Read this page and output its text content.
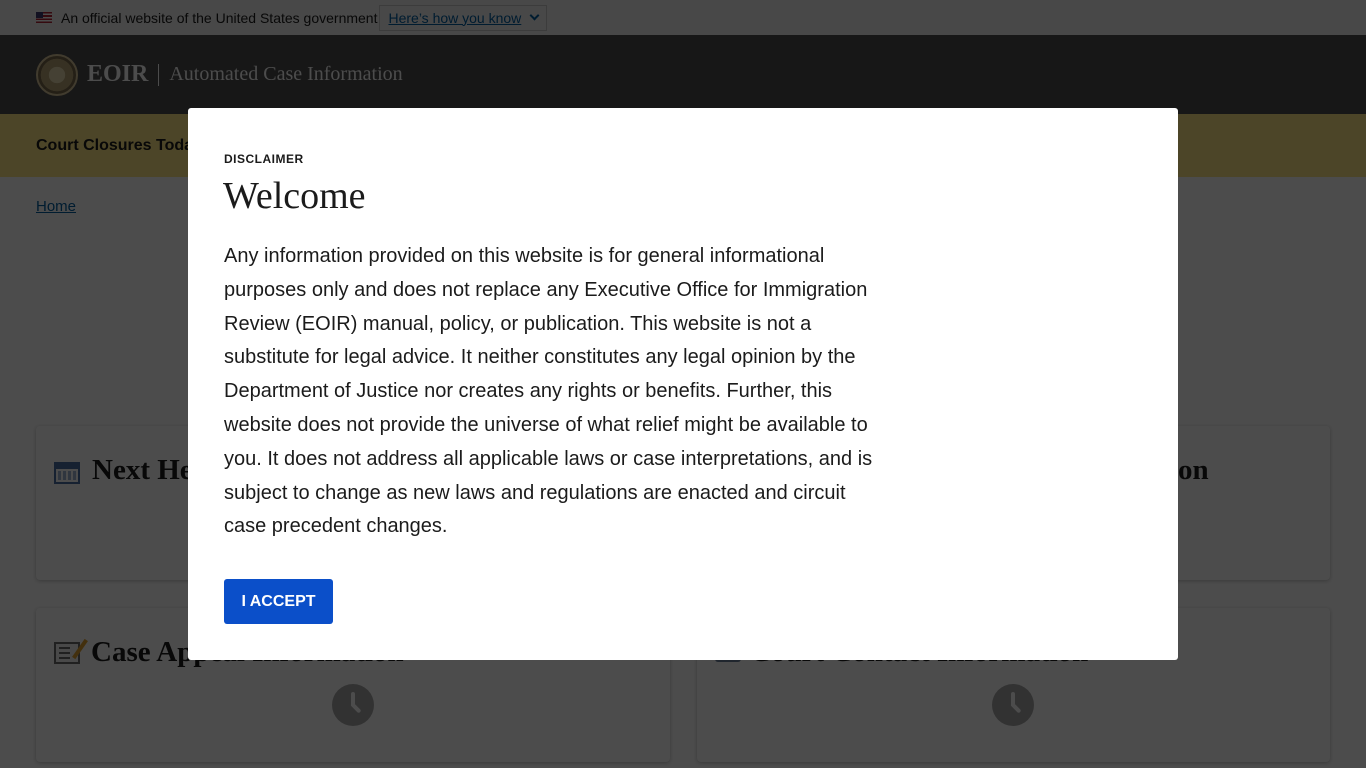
DISCLAIMER
Welcome

Any information provided on this website is for general informational purposes only and does not replace any Executive Office for Immigration Review (EOIR) manual, policy, or publication. This website is not a substitute for legal advice. It neither constitutes any legal opinion by the Department of Justice nor creates any rights or benefits. Further, this website does not provide the universe of what relief might be available to you. It does not address all applicable laws or case interpretations, and is subject to change as new laws and regulations are enacted and circuit case precedent changes.

I ACCEPT
